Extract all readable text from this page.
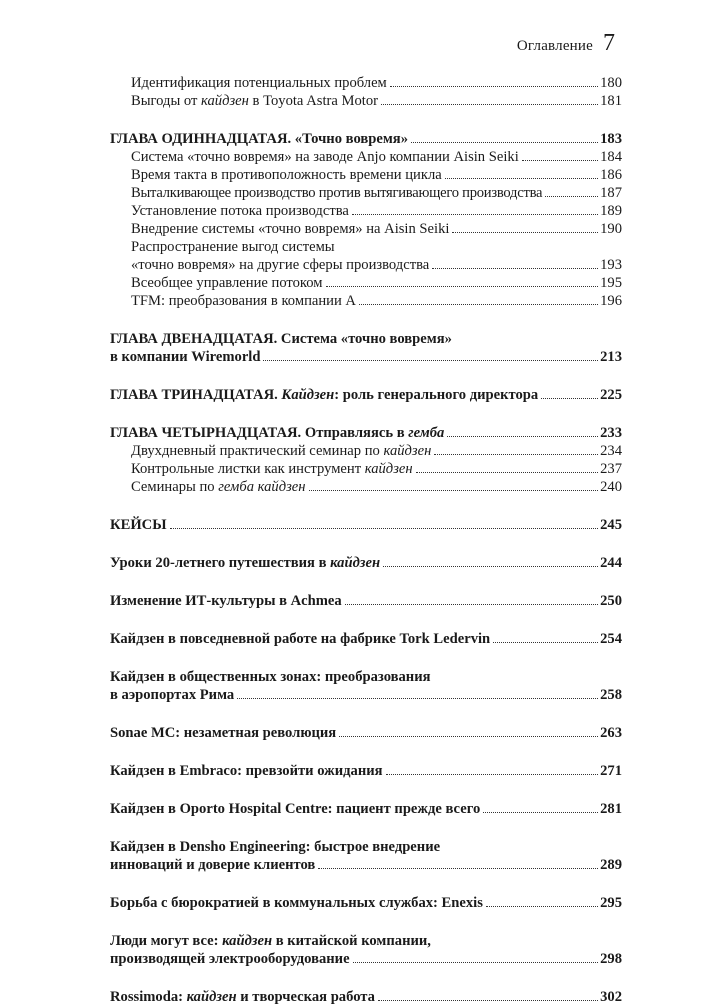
Оглавление 7
Идентификация потенциальных проблем	180
Выгоды от кайдзен в Toyota Astra Motor	181
ГЛАВА ОДИННАДЦАТАЯ. «Точно вовремя»	183
Система «точно вовремя» на заводе Anjo компании Aisin Seiki	184
Время такта в противоположность времени цикла	186
Выталкивающее производство против вытягивающего производства	187
Установление потока производства	189
Внедрение системы «точно вовремя» на Aisin Seiki	190
Распространение выгод системы
«точно вовремя» на другие сферы производства	193
Всеобщее управление потоком	195
TFM: преобразования в компании A	196
ГЛАВА ДВЕНАДЦАТАЯ. Система «точно вовремя»
в компании Wiremorld	213
ГЛАВА ТРИНАДЦАТАЯ. Кайдзен: роль генерального директора	225
ГЛАВА ЧЕТЫРНАДЦАТАЯ. Отправляясь в гемба	233
Двухдневный практический семинар по кайдзен	234
Контрольные листки как инструмент кайдзен	237
Семинары по гемба кайдзен	240
КЕЙСЫ	245
Уроки 20-летнего путешествия в кайдзен	244
Изменение ИТ-культуры в Achmea	250
Кайдзен в повседневной работе на фабрике Tork Ledervin	254
Кайдзен в общественных зонах: преобразования
в аэропортах Рима	258
Sonae MC: незаметная революция	263
Кайдзен в Embraco: превзойти ожидания	271
Кайдзен в Oporto Hospital Centre: пациент прежде всего	281
Кайдзен в Densho Engineering: быстрое внедрение
инноваций и доверие клиентов	289
Борьба с бюрократией в коммунальных службах: Enexis	295
Люди могут все: кайдзен в китайской компании,
производящей электрооборудование	298
Rossimoda: кайдзен и творческая работа	302
